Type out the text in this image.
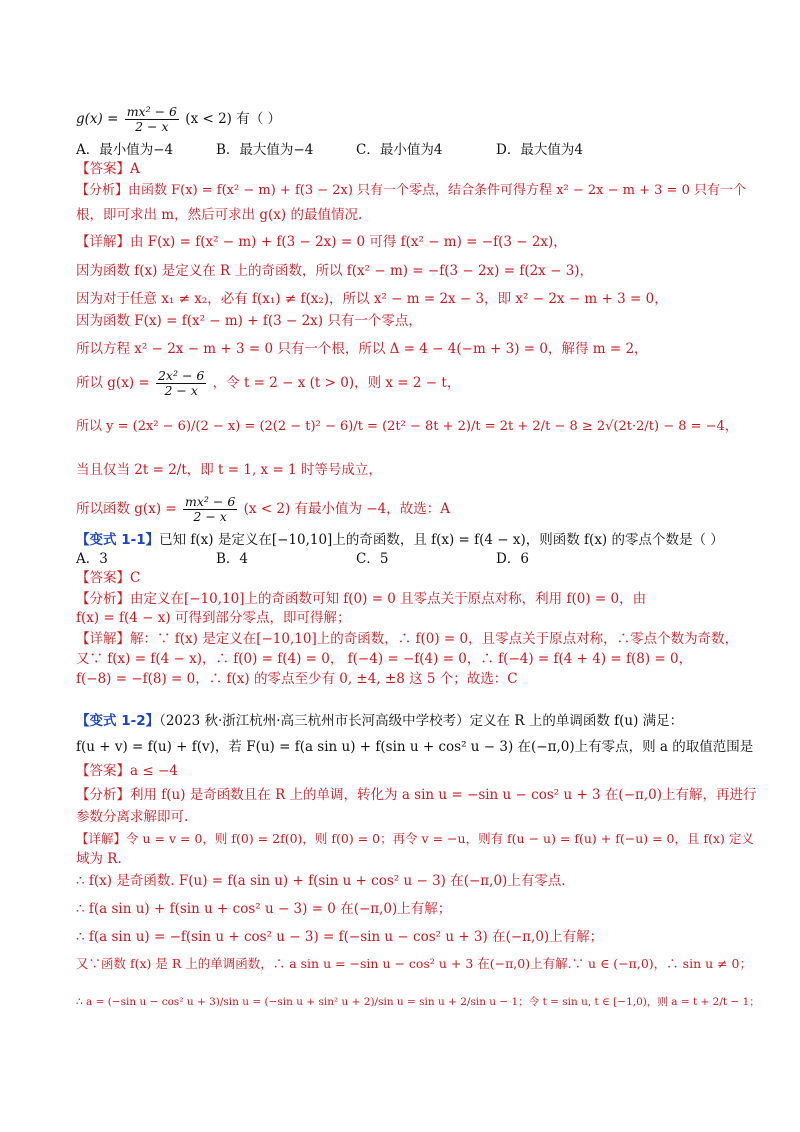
$g(x) = \frac{\text{mx² − 6}}{2 - x} (x < 2)$ 有（ ）
A．最小值为−4	B．最大值为−4	C．最小值为4	D．最大值为4
【答案】A
【分析】由函数 F(x) = f(x² − m) + f(3 − 2x) 只有一个零点，结合条件可得方程 x² − 2x − m + 3 = 0 只有一个
根，即可求出 m，然后可求出 g(x) 的最值情况.
【详解】由 F(x) = f(x² − m) + f(3 − 2x) = 0 可得 f(x² − m) = −f(3 − 2x)，
因为函数 f(x) 是定义在 R 上的奇函数，所以 f(x² − m) = −f(3 − 2x) = f(2x − 3)，
因为对于任意 x₁ ≠ x₂，必有 f(x₁) ≠ f(x₂)，所以 x² − m = 2x − 3，即 x² − 2x − m + 3 = 0，
因为函数 F(x) = f(x² − m) + f(3 − 2x) 只有一个零点，
所以方程 x² − 2x − m + 3 = 0 只有一个根，所以 Δ = 4 − 4(−m + 3) = 0，解得 m = 2，
所以 $g(x) = \frac{\text{2x² − 6}}{2 - x}$ ，令 t = 2 − x (t > 0)，则 x = 2 − t，
所以 y = (2x² − 6)/(2 − x) = (2(2 − t)² − 6)/t = (2t² − 8t + 2)/t = 2t + 2/t − 8 ≥ 2√(2t·2/t) − 8 = −4，
当且仅当 2t = 2/t，即 t = 1, x = 1 时等号成立，
所以函数 $g(x) = \frac{\text{mx² − 6}}{2 - x} (x < 2)$ 有最小值为 −4，故选：A
【变式 1-1】已知 f(x) 是定义在[−10,10]上的奇函数，且 f(x) = f(4 − x)，则函数 f(x) 的零点个数是（ ）
A．3	B．4	C．5	D．6
【答案】C
【分析】由定义在[−10,10]上的奇函数可知 f(0) = 0 且零点关于原点对称，利用 f(0) = 0，由
f(x) = f(4 − x) 可得到部分零点，即可得解；
【详解】解：∵ f(x) 是定义在[−10,10]上的奇函数，∴ f(0) = 0，且零点关于原点对称，∴零点个数为奇数，
又∵ f(x) = f(4 − x)，∴ f(0) = f(4) = 0， f(−4) = −f(4) = 0，∴ f(−4) = f(4 + 4) = f(8) = 0，
f(−8) = −f(8) = 0，∴ f(x) 的零点至少有 0, ±4, ±8 这 5 个；故选：C
【变式 1-2】（2023 秋·浙江杭州·高三杭州市长河高级中学校考）定义在 R 上的单调函数 f(u) 满足：
f(u + v) = f(u) + f(v)，若 F(u) = f(a sin u) + f(sin u + cos² u − 3) 在(−π,0)上有零点，则 a 的取值范围是
【答案】a ≤ −4
【分析】利用 f(u) 是奇函数且在 R 上的单调，转化为 a sin u = −sin u − cos² u + 3 在(−π,0)上有解，再进行
参数分离求解即可.
【详解】令 u = v = 0，则 f(0) = 2f(0)，则 f(0) = 0；再令 v = −u，则有 f(u − u) = f(u) + f(−u) = 0，且 f(x) 定义
域为 R.
∴ f(x) 是奇函数. F(u) = f(a sin u) + f(sin u + cos² u − 3) 在(−π,0)上有零点.
∴ f(a sin u) + f(sin u + cos² u − 3) = 0 在(−π,0)上有解；
∴ f(a sin u) = −f(sin u + cos² u − 3) = f(−sin u − cos² u + 3) 在(−π,0)上有解；
又∵函数 f(x) 是 R 上的单调函数，∴ a sin u = −sin u − cos² u + 3 在(−π,0)上有解.∵ u ∈ (−π,0)，∴ sin u ≠ 0；
∴ a = (−sin u − cos² u + 3)/sin u = (−sin u + sin² u + 2)/sin u = sin u + 2/sin u − 1；令 t = sin u, t ∈ [−1,0)，则 a = t + 2/t − 1；
